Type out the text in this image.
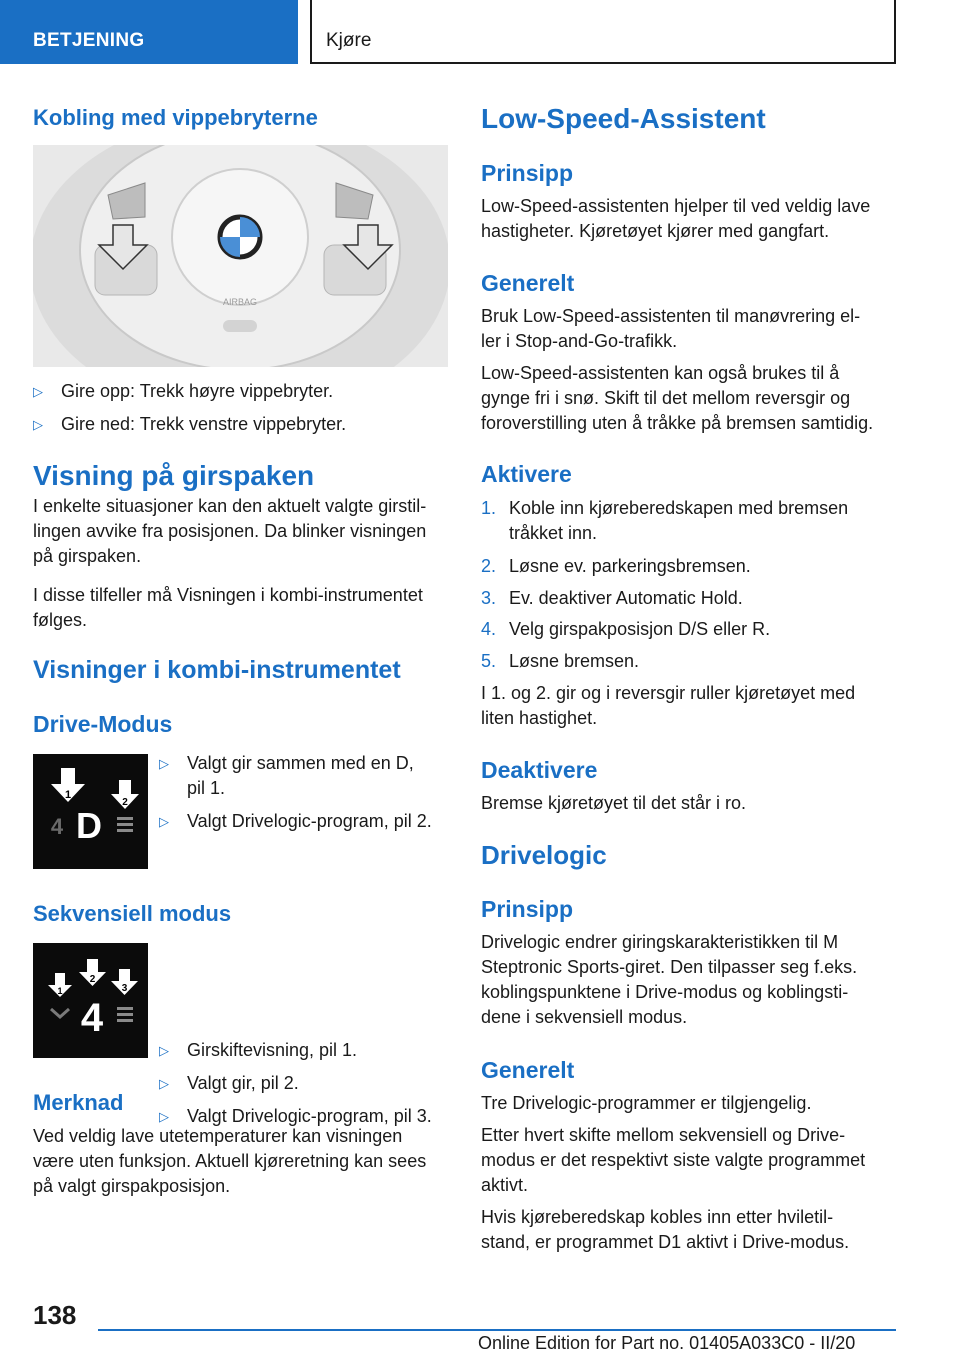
BETJENING	Kjøre
Kobling med vippebryterne
AIRBAG
▷ Gire opp: Trekk høyre vippebryter.
▷ Gire ned: Trekk venstre vippebryter.
Visning på girspaken
I enkelte situasjoner kan den aktuelt valgte girstil-
lingen avvike fra posisjonen. Da blinker visningen
på girspaken.
I disse tilfeller må Visningen i kombi-instrumentet
følges.
Visninger i kombi-instrumentet
Drive-Modus
1
2
4 D
▷ Valgt gir sammen med en D,
pil 1.
▷ Valgt Drivelogic-program, pil 2.
Sekvensiell modus
1
2
3
4
▷ Girskiftevisning, pil 1.
▷ Valgt gir, pil 2.
▷ Valgt Drivelogic-program, pil 3.
Merknad
Ved veldig lave utetemperaturer kan visningen
være uten funksjon. Aktuell kjøreretning kan sees
på valgt girspakposisjon.
Low-Speed-Assistent
Prinsipp
Low-Speed-assistenten hjelper til ved veldig lave
hastigheter. Kjøretøyet kjører med gangfart.
Generelt
Bruk Low-Speed-assistenten til manøvrering el-
ler i Stop-and-Go-trafikk.
Low-Speed-assistenten kan også brukes til å
gynge fri i snø. Skift til det mellom reversgir og
foroverstilling uten å tråkke på bremsen samtidig.
Aktivere
1. Koble inn kjøreberedskapen med bremsen
tråkket inn.
2. Løsne ev. parkeringsbremsen.
3. Ev. deaktiver Automatic Hold.
4. Velg girspakposisjon D/S eller R.
5. Løsne bremsen.
I 1. og 2. gir og i reversgir ruller kjøretøyet med
liten hastighet.
Deaktivere
Bremse kjøretøyet til det står i ro.
Drivelogic
Prinsipp
Drivelogic endrer giringskarakteristikken til M
Steptronic Sports-giret. Den tilpasser seg f.eks.
koblingspunktene i Drive-modus og koblingsti-
dene i sekvensiell modus.
Generelt
Tre Drivelogic-programmer er tilgjengelig.
Etter hvert skifte mellom sekvensiell og Drive-
modus er det respektivt siste valgte programmet
aktivt.
Hvis kjøreberedskap kobles inn etter hviletil-
stand, er programmet D1 aktivt i Drive-modus.
138
Online Edition for Part no. 01405A033C0 - II/20
